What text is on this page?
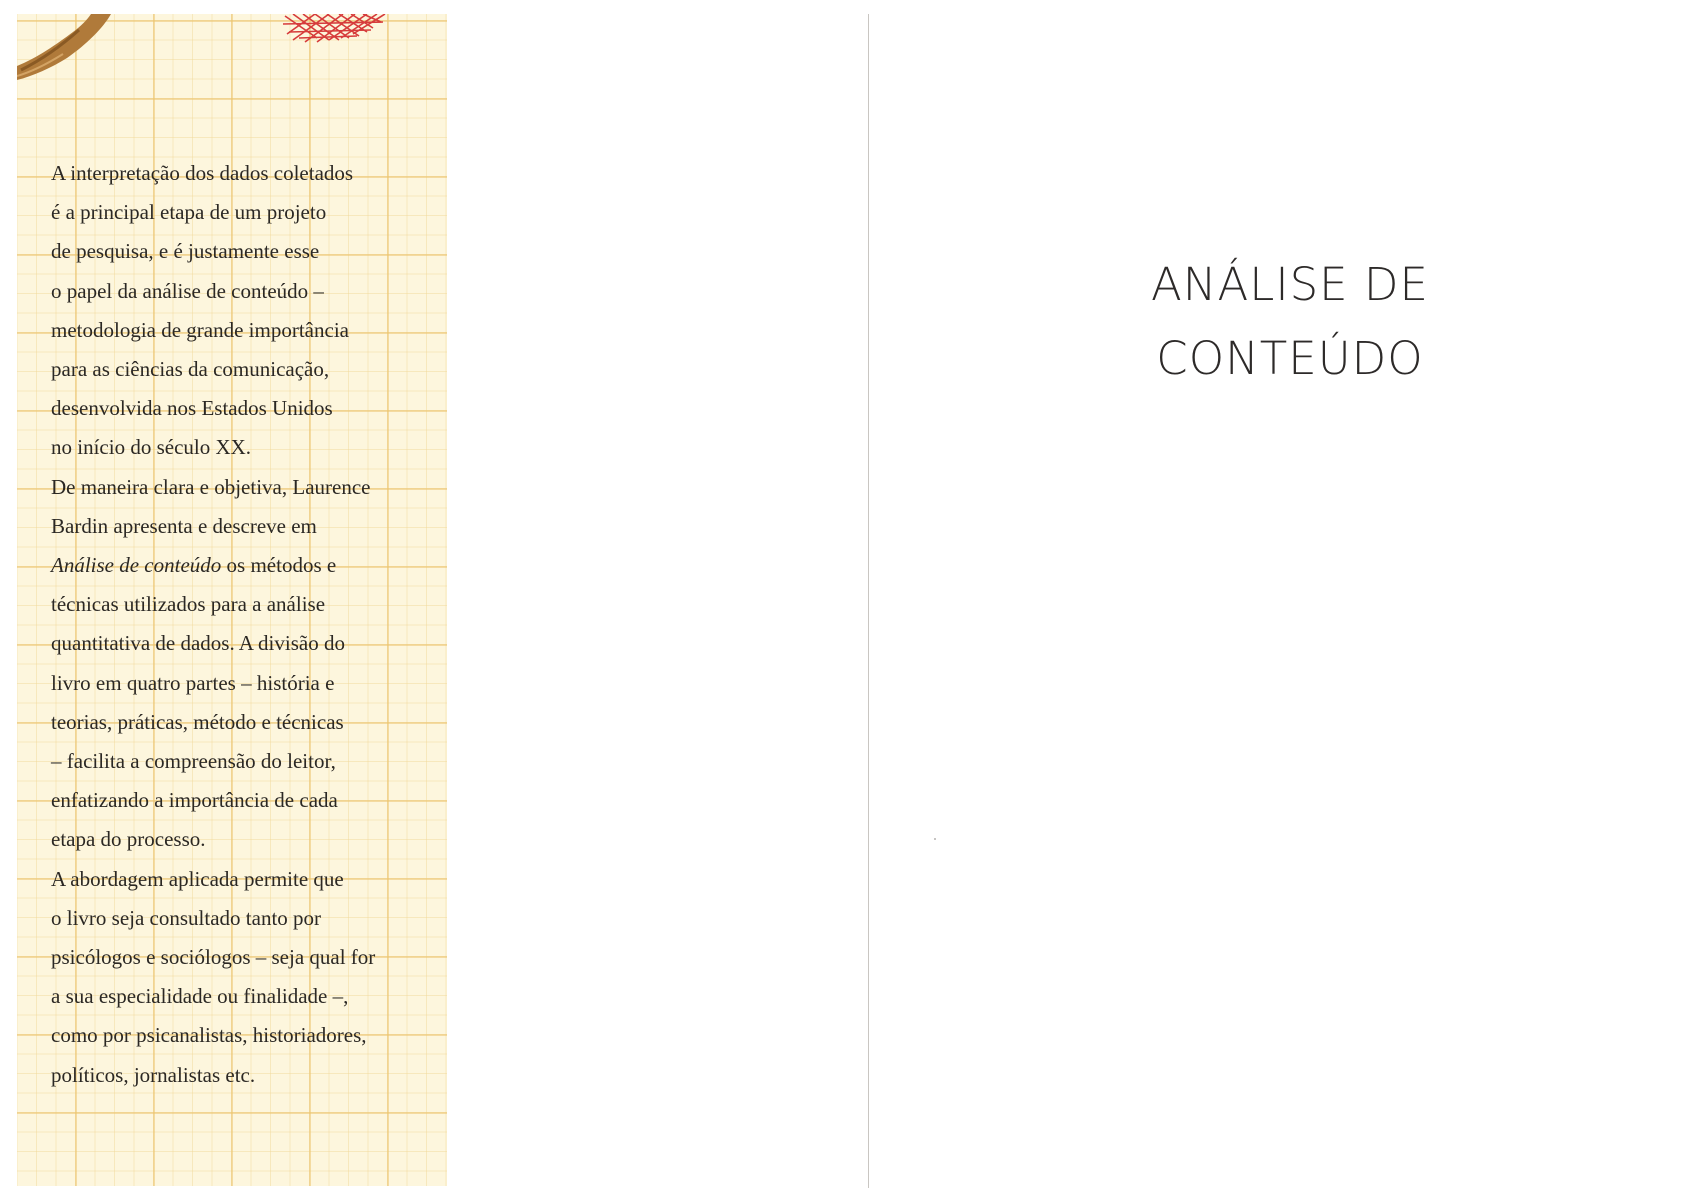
A interpretação dos dados coletados
é a principal etapa de um projeto
de pesquisa, e é justamente esse
o papel da análise de conteúdo –
metodologia de grande importância
para as ciências da comunicação,
desenvolvida nos Estados Unidos
no início do século XX.
De maneira clara e objetiva, Laurence
Bardin apresenta e descreve em
Análise de conteúdo os métodos e
técnicas utilizados para a análise
quantitativa de dados. A divisão do
livro em quatro partes – história e
teorias, práticas, método e técnicas
– facilita a compreensão do leitor,
enfatizando a importância de cada
etapa do processo.
A abordagem aplicada permite que
o livro seja consultado tanto por
psicólogos e sociólogos – seja qual for
a sua especialidade ou finalidade –,
como por psicanalistas, historiadores,
políticos, jornalistas etc.
ANÁLISE DE
CONTEÚDO
